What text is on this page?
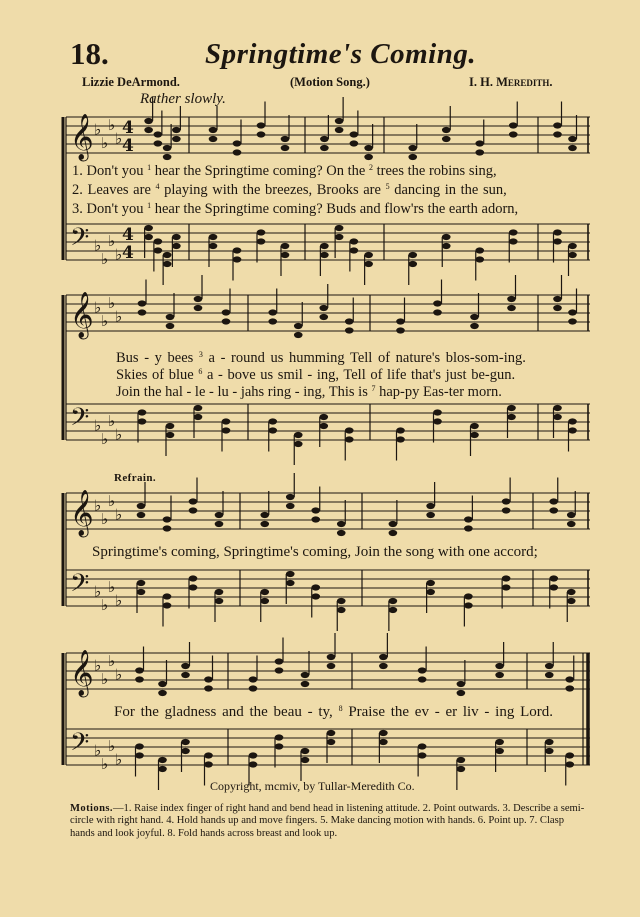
18.	Springtime's Coming.
Lizzie DeArmond.	(Motion Song.)	I. H. Meredith.
Rather slowly.
𝄞 ♭
♭
♭
♭
4
4
𝄢 ♭
♭
♭
♭
4
4
𝄞 ♭
♭
♭
♭
𝄢 ♭
♭
♭
♭
𝄞 ♭
♭
♭
♭
𝄢 ♭
♭
♭
♭
𝄞 ♭
♭
♭
♭
𝄢 ♭
♭
♭
♭
1. Don't you $^1$ hear the Springtime coming? On the $^2$ trees the robins sing,
2. Leaves are $^4$ playing with the breezes, Brooks are $^5$ dancing in the sun,
3. Don't you $^1$ hear the Springtime coming? Buds and flow'rs the earth adorn,
Bus - y bees $^3$ a - round us humming Tell of nature's blos-som-ing.
Skies of blue $^6$ a - bove us smil - ing, Tell of life that's just be-gun.
Join the hal - le - lu - jahs ring - ing, This is $^7$ hap-py Eas-ter morn.
Refrain.
Springtime's coming, Springtime's coming, Join the song with one accord;
For the gladness and the beau - ty, $^8$ Praise the ev - er liv - ing Lord.
Copyright, mcmiv, by Tullar-Meredith Co.
Motions.—1. Raise index finger of right hand and bend head in listening attitude. 2. Point outwards. 3. Describe a semi-circle with right hand. 4. Hold hands up and move fingers. 5. Make dancing motion with hands. 6. Point up. 7. Clasp hands and look joyful. 8. Fold hands across breast and look up.
